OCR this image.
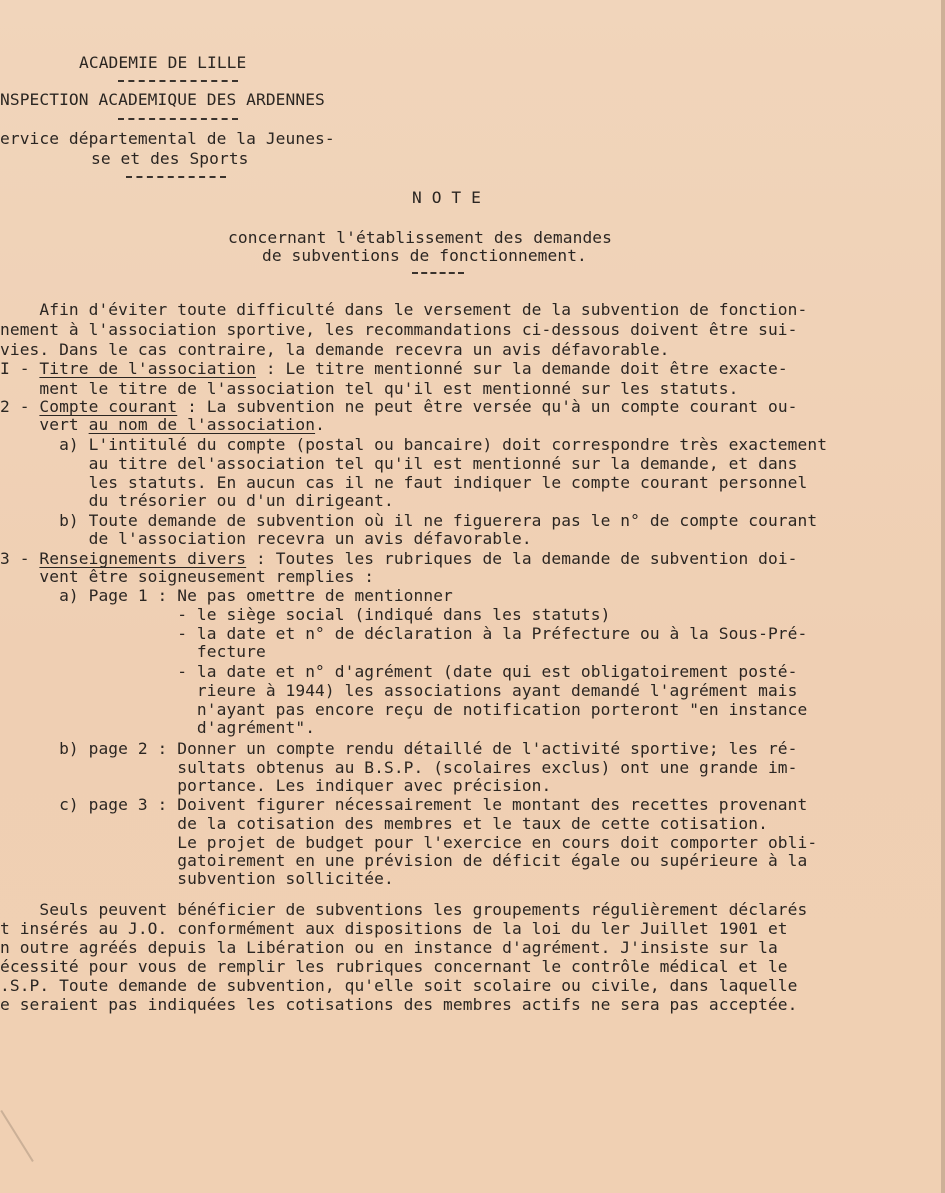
ACADEMIE DE LILLE
NSPECTION ACADEMIQUE DES ARDENNES
ervice départemental de la Jeunes-
se et des Sports
N O T E
concernant l'établissement des demandes
de subventions de fonctionnement.
Afin d'éviter toute difficulté dans le versement de la subvention de fonction-
nement à l'association sportive, les recommandations ci-dessous doivent être sui-
vies. Dans le cas contraire, la demande recevra un avis défavorable.
I - Titre de l'association : Le titre mentionné sur la demande doit être exacte-
ment le titre de l'association tel qu'il est mentionné sur les statuts.
2 - Compte courant : La subvention ne peut être versée qu'à un compte courant ou-
vert au nom de l'association.
a) L'intitulé du compte (postal ou bancaire) doit correspondre très exactement
au titre del'association tel qu'il est mentionné sur la demande, et dans
les statuts. En aucun cas il ne faut indiquer le compte courant personnel
du trésorier ou d'un dirigeant.
b) Toute demande de subvention où il ne figuerera pas le n° de compte courant
de l'association recevra un avis défavorable.
3 - Renseignements divers : Toutes les rubriques de la demande de subvention doi-
vent être soigneusement remplies :
a) Page 1 : Ne pas omettre de mentionner
- le siège social (indiqué dans les statuts)
- la date et n° de déclaration à la Préfecture ou à la Sous-Pré-
fecture
- la date et n° d'agrément (date qui est obligatoirement posté-
rieure à 1944) les associations ayant demandé l'agrément mais
n'ayant pas encore reçu de notification porteront "en instance
d'agrément".
b) page 2 : Donner un compte rendu détaillé de l'activité sportive; les ré-
sultats obtenus au B.S.P. (scolaires exclus) ont une grande im-
portance. Les indiquer avec précision.
c) page 3 : Doivent figurer nécessairement le montant des recettes provenant
de la cotisation des membres et le taux de cette cotisation.
Le projet de budget pour l'exercice en cours doit comporter obli-
gatoirement en une prévision de déficit égale ou supérieure à la
subvention sollicitée.
Seuls peuvent bénéficier de subventions les groupements régulièrement déclarés
t insérés au J.O. conformément aux dispositions de la loi du ler Juillet 1901 et
n outre agréés depuis la Libération ou en instance d'agrément. J'insiste sur la
écessité pour vous de remplir les rubriques concernant le contrôle médical et le
.S.P. Toute demande de subvention, qu'elle soit scolaire ou civile, dans laquelle
e seraient pas indiquées les cotisations des membres actifs ne sera pas acceptée.
